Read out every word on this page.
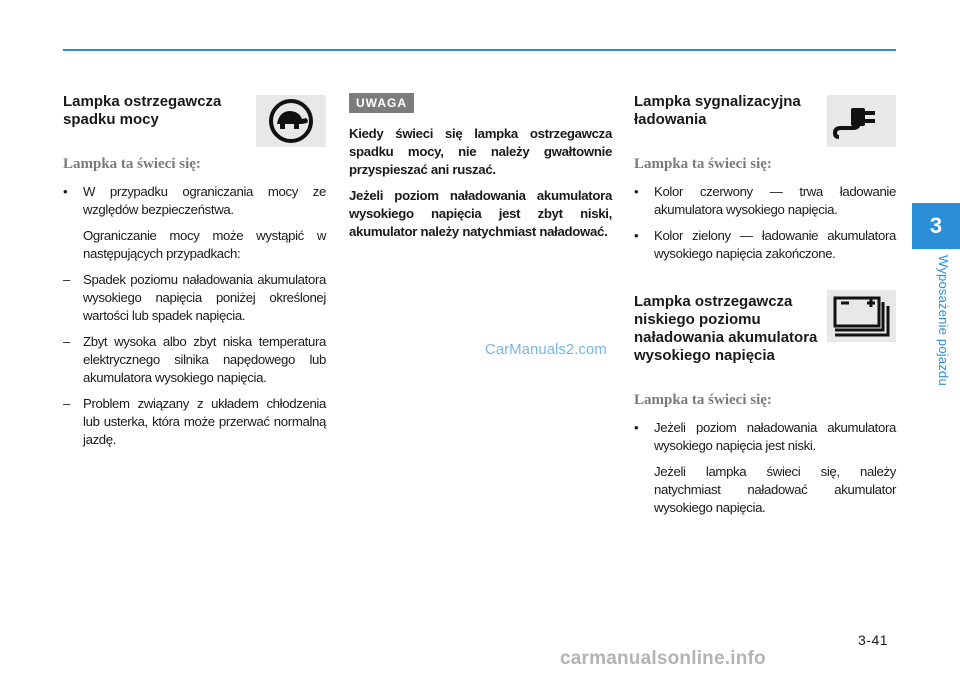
Lampka ostrzegawcza
spadku mocy
Lampka ta świeci się:
• W przypadku ograniczania mocy ze względów bezpieczeństwa.

Ograniczanie mocy może wystąpić w następujących przypadkach:

– Spadek poziomu naładowania akumulatora wysokiego napięcia poniżej określonej wartości lub spadek napięcia.
– Zbyt wysoka albo zbyt niska temperatura elektrycznego silnika napędowego lub akumulatora wysokiego napięcia.
– Problem związany z układem chłodzenia lub usterka, która może przerwać normalną jazdę.
UWAGA

Kiedy świeci się lampka ostrzegawcza spadku mocy, nie należy gwałtownie przyspieszać ani ruszać.

Jeżeli poziom naładowania akumulatora wysokiego napięcia jest zbyt niski, akumulator należy natychmiast naładować.

Lampka sygnalizacyjna
ładowania
Lampka ta świeci się:
• Kolor czerwony — trwa ładowanie akumulatora wysokiego napięcia.
• Kolor zielony — ładowanie akumulatora wysokiego napięcia zakończone.
Lampka ostrzegawcza
niskiego poziomu
naładowania akumulatora
wysokiego napięcia
Lampka ta świeci się:
• Jeżeli poziom naładowania akumulatora wysokiego napięcia jest niski.

Jeżeli lampka świeci się, należy natychmiast naładować akumulator wysokiego napięcia.

CarManuals2.com
3
Wyposażenie pojazdu
3-41
carmanualsonline.info
